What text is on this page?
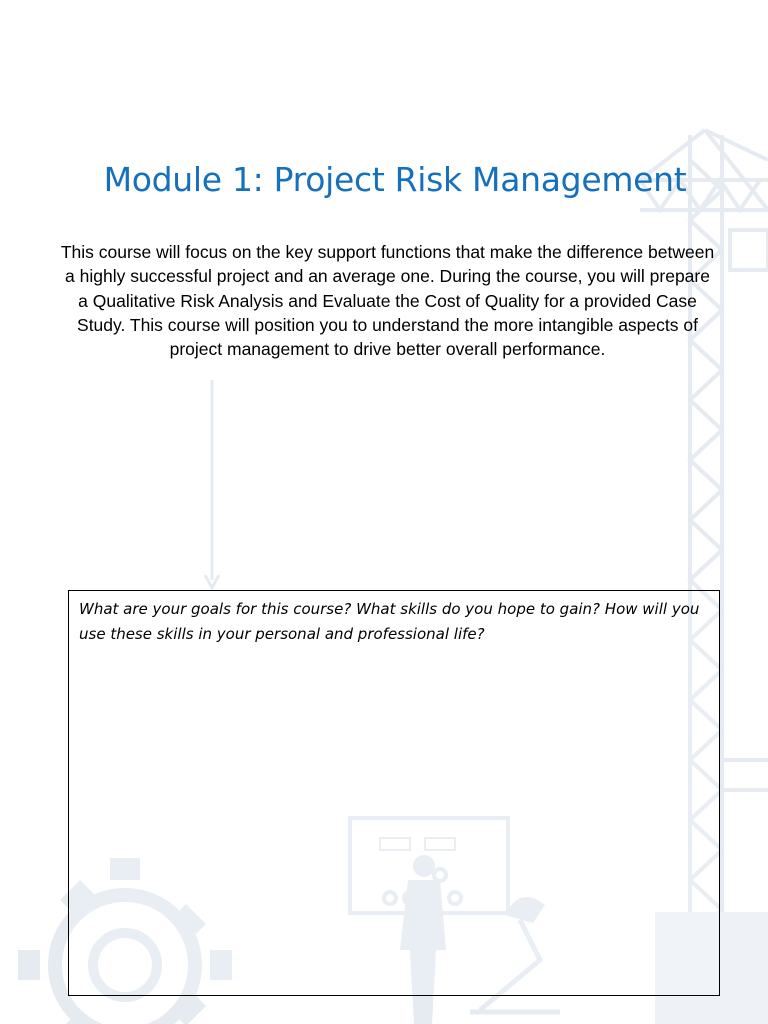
Module 1: Project Risk Management

This course will focus on the key support functions that make the difference between a highly successful project and an average one. During the course, you will prepare a Qualitative Risk Analysis and Evaluate the Cost of Quality for a provided Case Study. This course will position you to understand the more intangible aspects of project management to drive better overall performance.

What are your goals for this course? What skills do you hope to gain? How will you use these skills in your personal and professional life?
